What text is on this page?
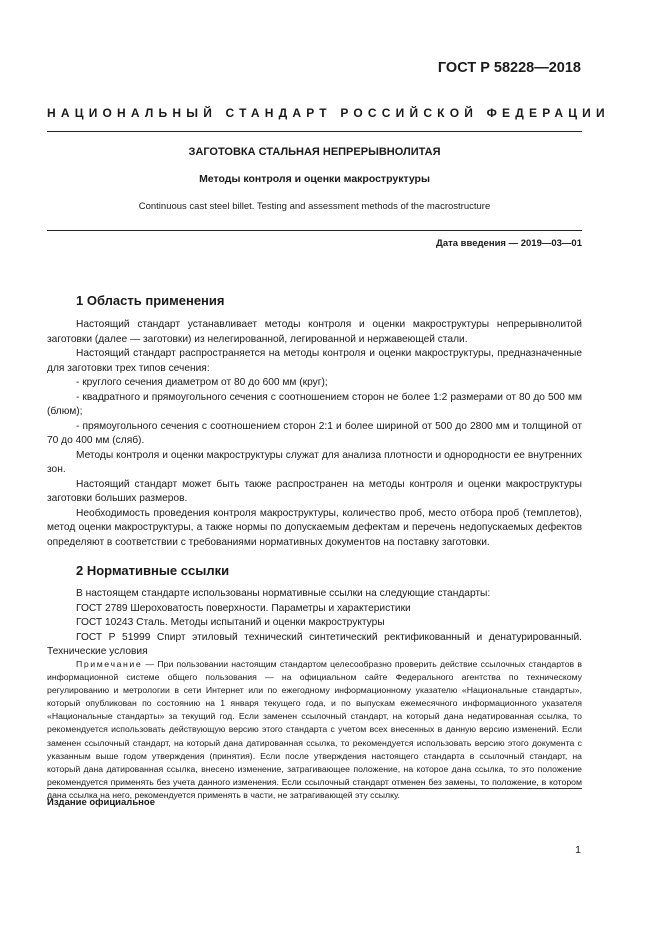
ГОСТ Р 58228—2018
НАЦИОНАЛЬНЫЙ СТАНДАРТ РОССИЙСКОЙ ФЕДЕРАЦИИ
ЗАГОТОВКА СТАЛЬНАЯ НЕПРЕРЫВНОЛИТАЯ
Методы контроля и оценки макроструктуры
Continuous cast steel billet. Testing and assessment methods of the macrostructure
Дата введения — 2019—03—01
1 Область применения

Настоящий стандарт устанавливает методы контроля и оценки макроструктуры непрерывнолитой заготовки (далее — заготовки) из нелегированной, легированной и нержавеющей стали.

Настоящий стандарт распространяется на методы контроля и оценки макроструктуры, предназначенные для заготовки трех типов сечения:

- круглого сечения диаметром от 80 до 600 мм (круг);

- квадратного и прямоугольного сечения с соотношением сторон не более 1:2 размерами от 80 до 500 мм (блюм);

- прямоугольного сечения с соотношением сторон 2:1 и более шириной от 500 до 2800 мм и толщиной от 70 до 400 мм (сляб).

Методы контроля и оценки макроструктуры служат для анализа плотности и однородности ее внутренних зон.

Настоящий стандарт может быть также распространен на методы контроля и оценки макроструктуры заготовки больших размеров.

Необходимость проведения контроля макроструктуры, количество проб, место отбора проб (темплетов), метод оценки макроструктуры, а также нормы по допускаемым дефектам и перечень недопускаемых дефектов определяют в соответствии с требованиями нормативных документов на поставку заготовки.

2 Нормативные ссылки

В настоящем стандарте использованы нормативные ссылки на следующие стандарты:

ГОСТ 2789 Шероховатость поверхности. Параметры и характеристики

ГОСТ 10243 Сталь. Методы испытаний и оценки макроструктуры

ГОСТ Р 51999 Спирт этиловый технический синтетический ректификованный и денатурированный. Технические условия

Примечание — При пользовании настоящим стандартом целесообразно проверить действие ссылочных стандартов в информационной системе общего пользования — на официальном сайте Федерального агентства по техническому регулированию и метрологии в сети Интернет или по ежегодному информационному указателю «Национальные стандарты», который опубликован по состоянию на 1 января текущего года, и по выпускам ежемесячного информационного указателя «Национальные стандарты» за текущий год. Если заменен ссылочный стандарт, на который дана недатированная ссылка, то рекомендуется использовать действующую версию этого стандарта с учетом всех внесенных в данную версию изменений. Если заменен ссылочный стандарт, на который дана датированная ссылка, то рекомендуется использовать версию этого документа с указанным выше годом утверждения (принятия). Если после утверждения настоящего стандарта в ссылочный стандарт, на который дана датированная ссылка, внесено изменение, затрагивающее положение, на которое дана ссылка, то это положение рекомендуется применять без учета данного изменения. Если ссылочный стандарт отменен без замены, то положение, в котором дана ссылка на него, рекомендуется применять в части, не затрагивающей эту ссылку.

Издание официальное
1
